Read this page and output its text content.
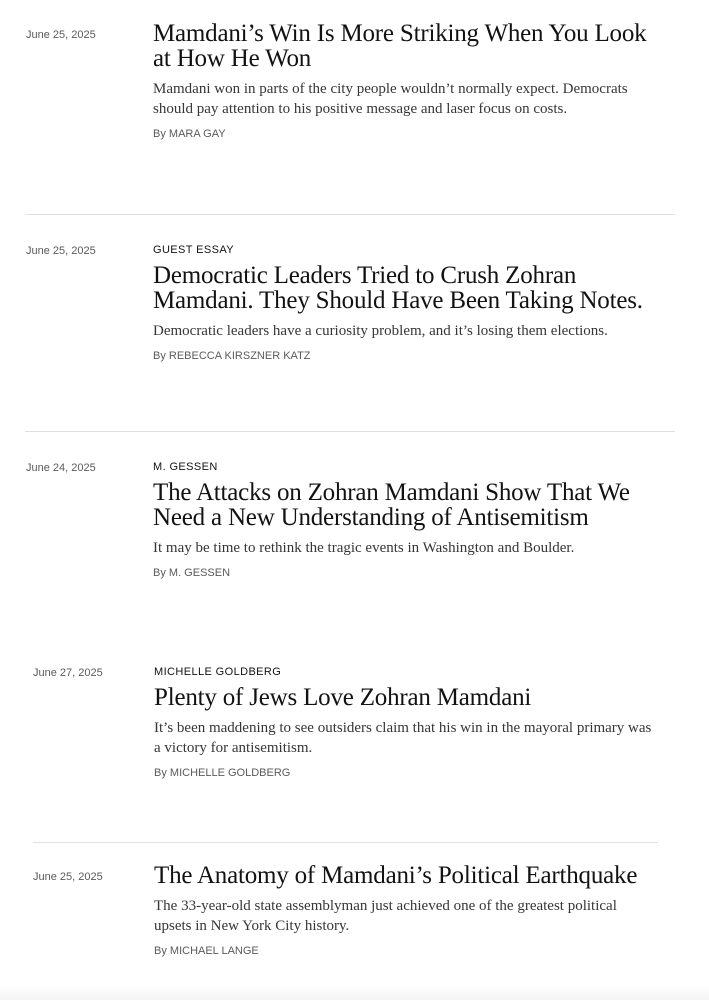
June 25, 2025 Mamdani’s Win Is More Striking When You Look at How He Won

Mamdani won in parts of the city people wouldn’t normally expect. Democrats should pay attention to his positive message and laser focus on costs.

By MARA GAY

June 25, 2025	GUEST ESSAY

Democratic Leaders Tried to Crush Zohran Mamdani. They Should Have Been Taking Notes.

Democratic leaders have a curiosity problem, and it’s losing them elections.

By REBECCA KIRSZNER KATZ

June 24, 2025	M. GESSEN

The Attacks on Zohran Mamdani Show That We Need a New Understanding of Antisemitism

It may be time to rethink the tragic events in Washington and Boulder.

By M. GESSEN

June 27, 2025	MICHELLE GOLDBERG

Plenty of Jews Love Zohran Mamdani

It’s been maddening to see outsiders claim that his win in the mayoral primary was a victory for antisemitism.

By MICHELLE GOLDBERG

June 25, 2025 The Anatomy of Mamdani’s Political Earthquake

The 33-year-old state assemblyman just achieved one of the greatest political upsets in New York City history.

By MICHAEL LANGE
